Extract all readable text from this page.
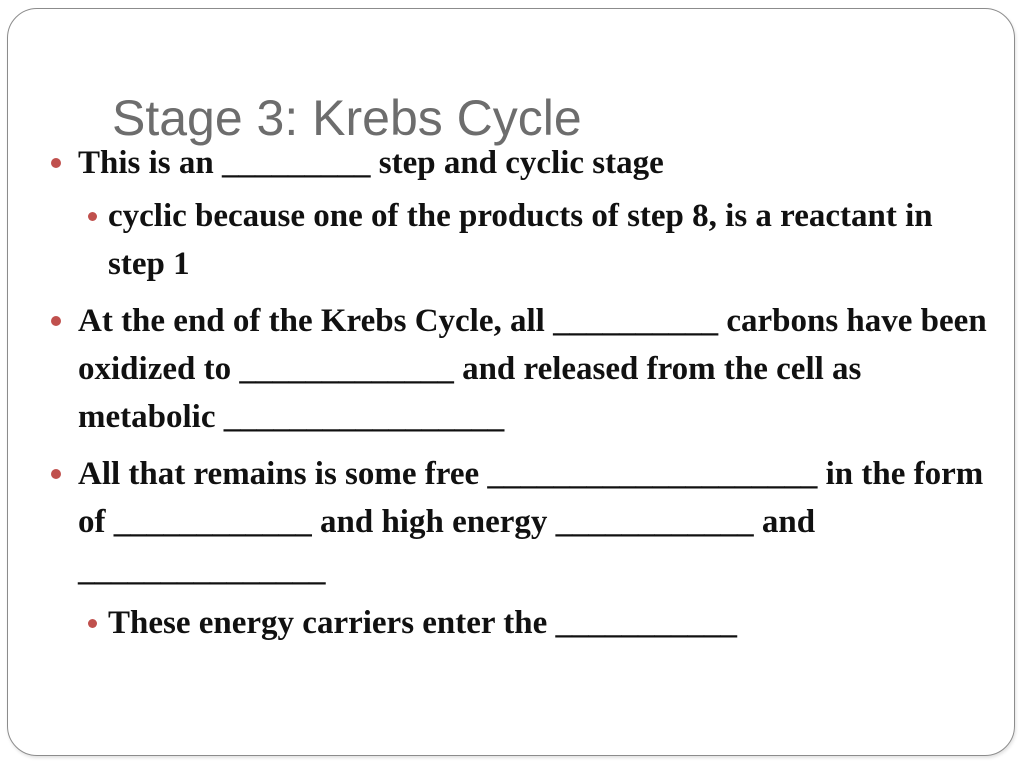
Stage 3: Krebs Cycle
This is an _________ step and cyclic stage
cyclic because one of the products of step 8, is a reactant in step 1
At the end of the Krebs Cycle, all __________ carbons have been oxidized to _____________ and released from the cell as metabolic _________________
All that remains is some free ____________________ in the form of ____________ and high energy ____________ and _______________
These energy carriers enter the ___________
